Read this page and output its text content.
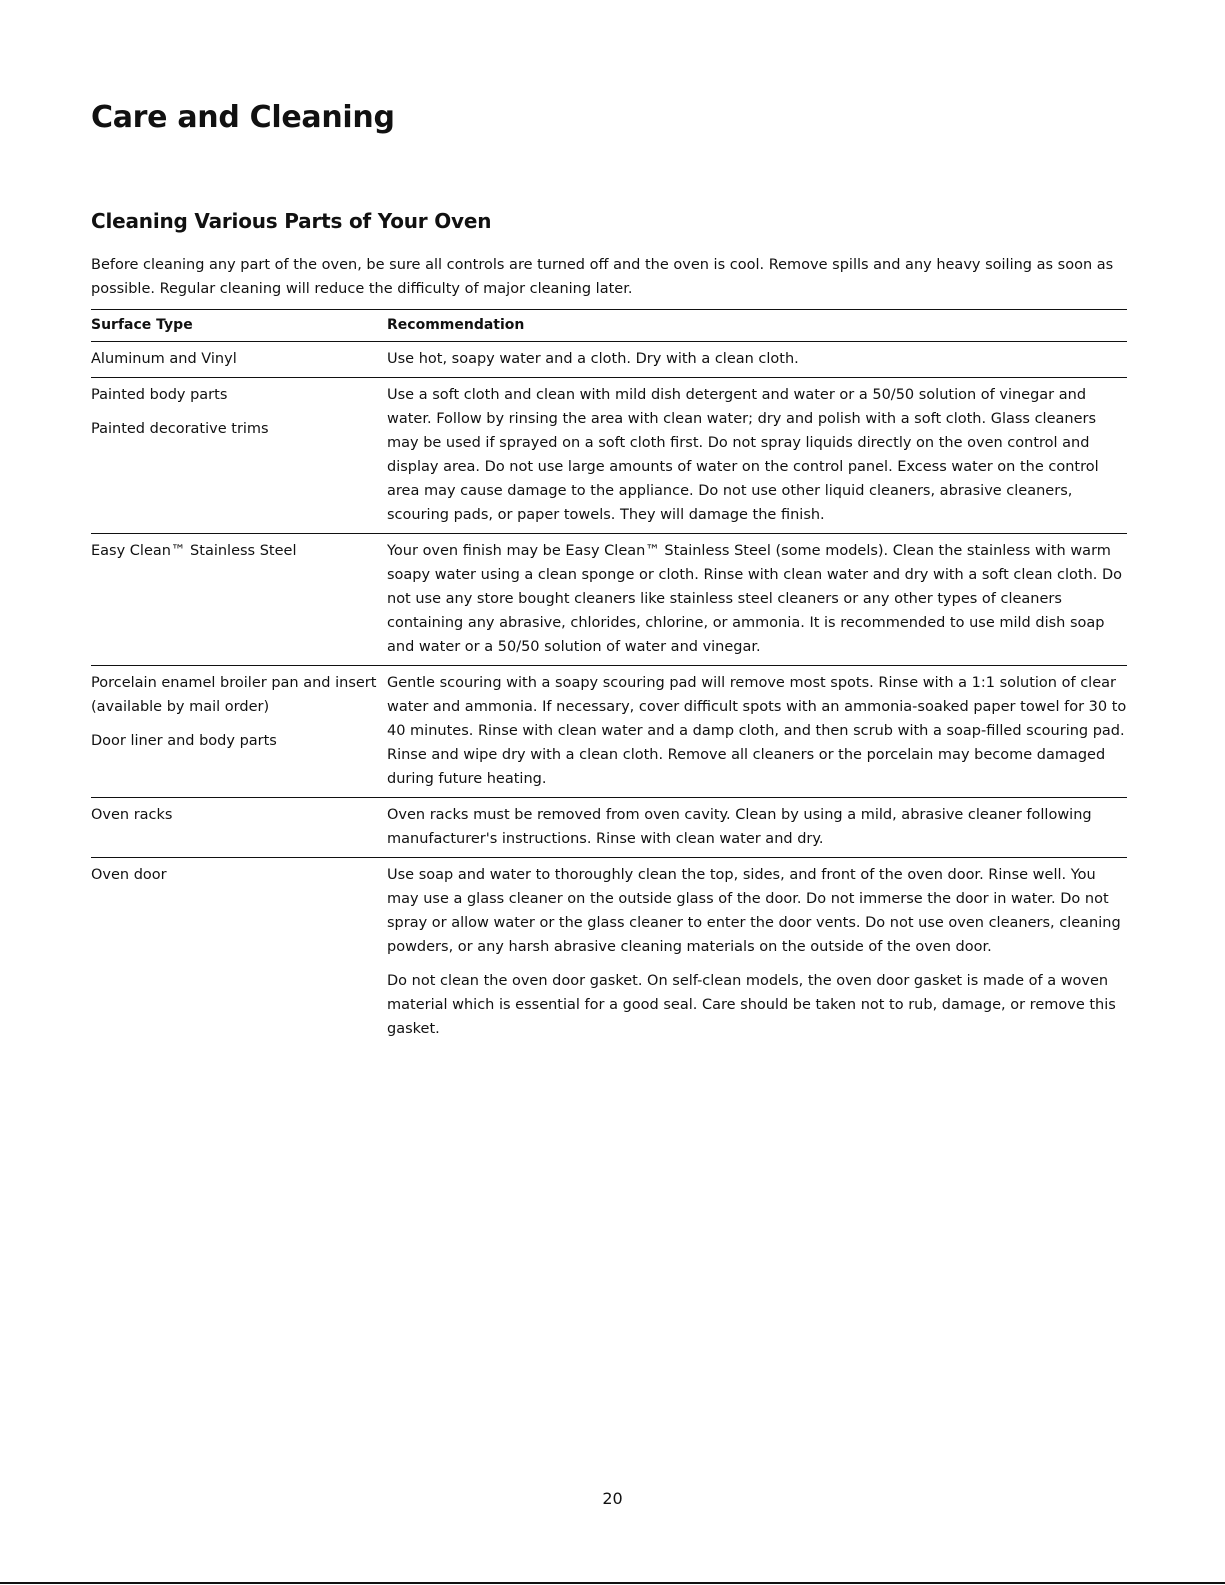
Care and Cleaning
Cleaning Various Parts of Your Oven

Before cleaning any part of the oven, be sure all controls are turned off and the oven is cool. Remove spills and any heavy soiling as soon as possible. Regular cleaning will reduce the difficulty of major cleaning later.

Surface Type	Recommendation

Aluminum and Vinyl	Use hot, soapy water and a cloth. Dry with a clean cloth.

Painted body parts

Painted decorative trims	Use a soft cloth and clean with mild dish detergent and water or a 50/50 solution of vinegar and water. Follow by rinsing the area with clean water; dry and polish with a soft cloth. Glass cleaners may be used if sprayed on a soft cloth first. Do not spray liquids directly on the oven control and display area. Do not use large amounts of water on the control panel. Excess water on the control area may cause damage to the appliance. Do not use other liquid cleaners, abrasive cleaners, scouring pads, or paper towels. They will damage the finish.

Easy Clean™ Stainless Steel	Your oven finish may be Easy Clean™ Stainless Steel (some models). Clean the stainless with warm soapy water using a clean sponge or cloth. Rinse with clean water and dry with a soft clean cloth. Do not use any store bought cleaners like stainless steel cleaners or any other types of cleaners containing any abrasive, chlorides, chlorine, or ammonia. It is recommended to use mild dish soap and water or a 50/50 solution of water and vinegar.

Porcelain enamel broiler pan and insert (available by mail order)

Door liner and body parts	Gentle scouring with a soapy scouring pad will remove most spots. Rinse with a 1:1 solution of clear water and ammonia. If necessary, cover difficult spots with an ammonia-soaked paper towel for 30 to 40 minutes. Rinse with clean water and a damp cloth, and then scrub with a soap-filled scouring pad. Rinse and wipe dry with a clean cloth. Remove all cleaners or the porcelain may become damaged during future heating.

Oven racks	Oven racks must be removed from oven cavity. Clean by using a mild, abrasive cleaner following manufacturer's instructions. Rinse with clean water and dry.

Oven door	Use soap and water to thoroughly clean the top, sides, and front of the oven door. Rinse well. You may use a glass cleaner on the outside glass of the door. Do not immerse the door in water. Do not spray or allow water or the glass cleaner to enter the door vents. Do not use oven cleaners, cleaning powders, or any harsh abrasive cleaning materials on the outside of the oven door.

Do not clean the oven door gasket. On self-clean models, the oven door gasket is made of a woven material which is essential for a good seal. Care should be taken not to rub, damage, or remove this gasket.

20
